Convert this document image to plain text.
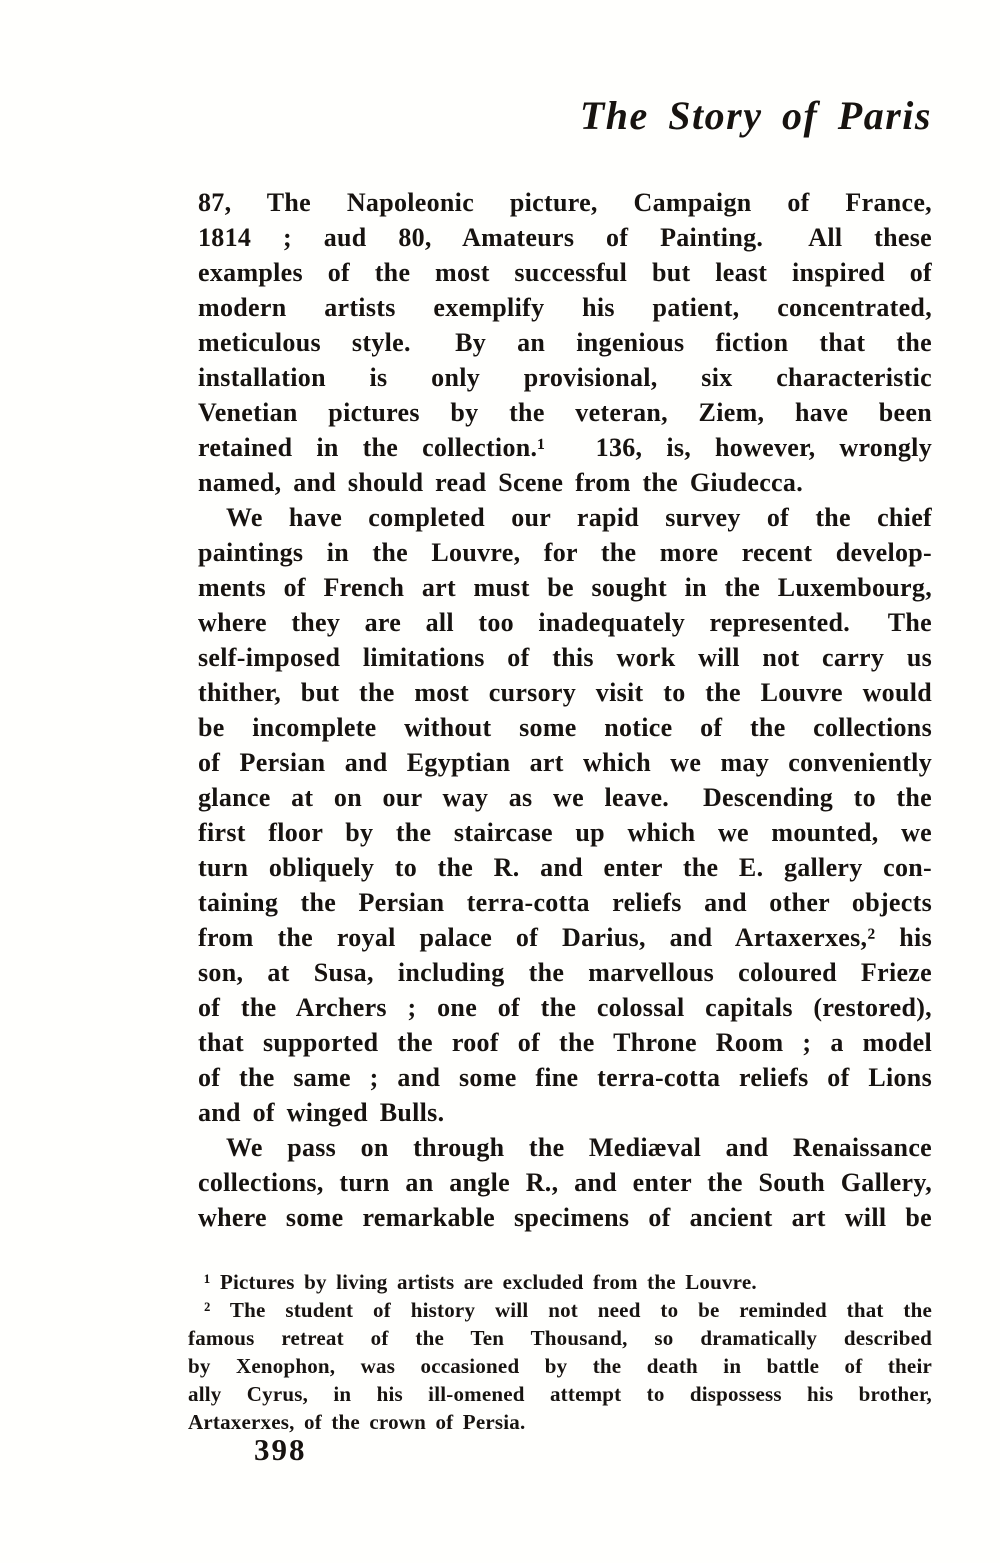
The Story of Paris
87, The Napoleonic picture, Campaign of France,
1814 ; aud 80, Amateurs of Painting.  All these
examples of the most successful but least inspired of
modern artists exemplify his patient, concentrated,
meticulous style.  By an ingenious fiction that the
installation is only provisional, six characteristic
Venetian pictures by the veteran, Ziem, have been
retained in the collection.¹  136, is, however, wrongly
named, and should read Scene from the Giudecca.
We have completed our rapid survey of the chief
paintings in the Louvre, for the more recent develop-
ments of French art must be sought in the Luxembourg,
where they are all too inadequately represented.  The
self-imposed limitations of this work will not carry us
thither, but the most cursory visit to the Louvre would
be incomplete without some notice of the collections
of Persian and Egyptian art which we may conveniently
glance at on our way as we leave.  Descending to the
first floor by the staircase up which we mounted, we
turn obliquely to the R. and enter the E. gallery con-
taining the Persian terra-cotta reliefs and other objects
from the royal palace of Darius, and Artaxerxes,² his
son, at Susa, including the marvellous coloured Frieze
of the Archers ; one of the colossal capitals (restored),
that supported the roof of the Throne Room ; a model
of the same ; and some fine terra-cotta reliefs of Lions
and of winged Bulls.
We pass on through the Mediæval and Renaissance
collections, turn an angle R., and enter the South Gallery,
where some remarkable specimens of ancient art will be
¹ Pictures by living artists are excluded from the Louvre.
² The student of history will not need to be reminded that the
famous retreat of the Ten Thousand, so dramatically described
by Xenophon, was occasioned by the death in battle of their
ally Cyrus, in his ill-omened attempt to dispossess his brother,
Artaxerxes, of the crown of Persia.
398
